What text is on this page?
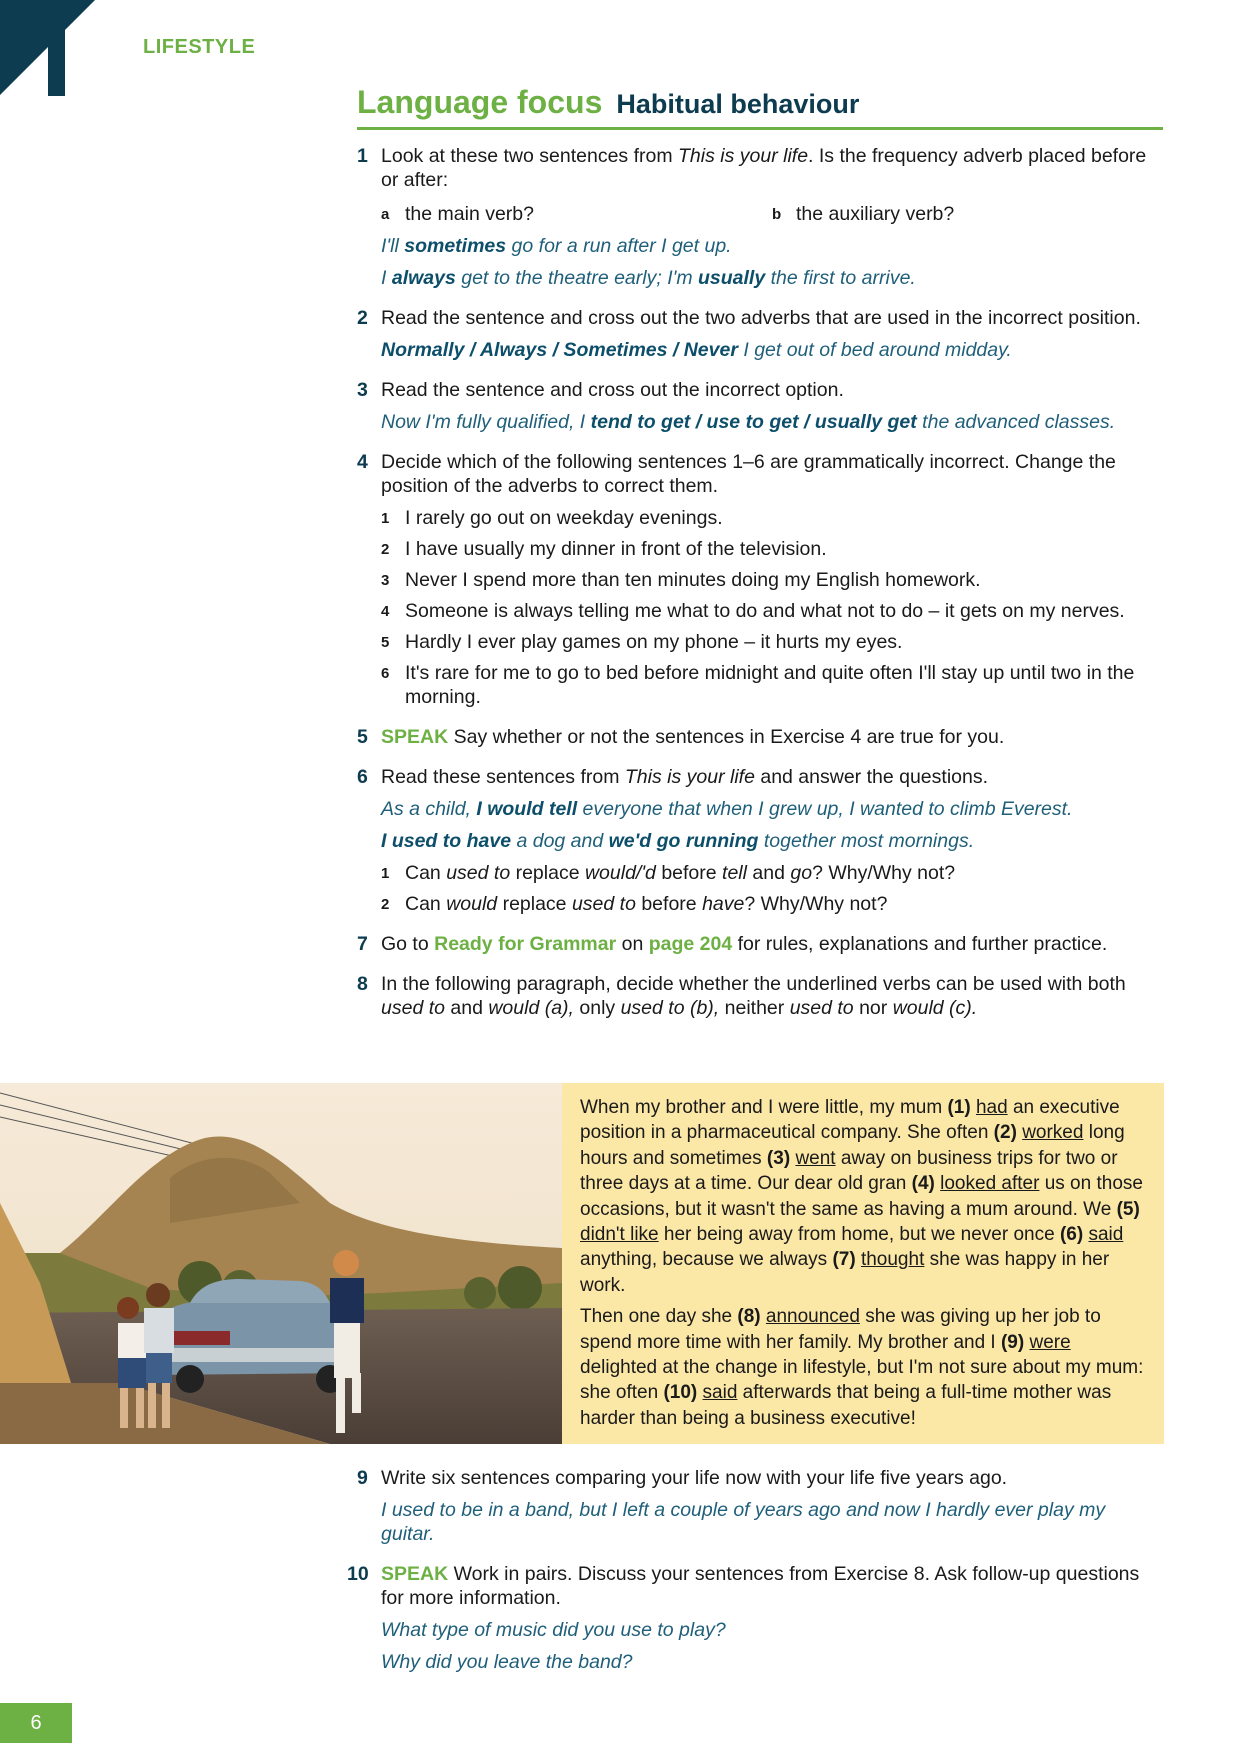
LIFESTYLE
Language focus Habitual behaviour
1 Look at these two sentences from This is your life. Is the frequency adverb placed before or after:
a the main verb?	b the auxiliary verb?
I'll sometimes go for a run after I get up.
I always get to the theatre early; I'm usually the first to arrive.
2 Read the sentence and cross out the two adverbs that are used in the incorrect position.
Normally / Always / Sometimes / Never I get out of bed around midday.
3 Read the sentence and cross out the incorrect option.
Now I'm fully qualified, I tend to get / use to get / usually get the advanced classes.
4 Decide which of the following sentences 1–6 are grammatically incorrect. Change the position of the adverbs to correct them.
1 I rarely go out on weekday evenings.
2 I have usually my dinner in front of the television.
3 Never I spend more than ten minutes doing my English homework.
4 Someone is always telling me what to do and what not to do – it gets on my nerves.
5 Hardly I ever play games on my phone – it hurts my eyes.
6 It's rare for me to go to bed before midnight and quite often I'll stay up until two in the morning.
5 SPEAK Say whether or not the sentences in Exercise 4 are true for you.
6 Read these sentences from This is your life and answer the questions.
As a child, I would tell everyone that when I grew up, I wanted to climb Everest.
I used to have a dog and we'd go running together most mornings.
1 Can used to replace would/'d before tell and go? Why/Why not?
2 Can would replace used to before have? Why/Why not?
7 Go to Ready for Grammar on page 204 for rules, explanations and further practice.
8 In the following paragraph, decide whether the underlined verbs can be used with both used to and would (a), only used to (b), neither used to nor would (c).

When my brother and I were little, my mum (1) had an executive position in a pharmaceutical company. She often (2) worked long hours and sometimes (3) went away on business trips for two or three days at a time. Our dear old gran (4) looked after us on those occasions, but it wasn't the same as having a mum around. We (5) didn't like her being away from home, but we never once (6) said anything, because we always (7) thought she was happy in her work.

Then one day she (8) announced she was giving up her job to spend more time with her family. My brother and I (9) were delighted at the change in lifestyle, but I'm not sure about my mum: she often (10) said afterwards that being a full-time mother was harder than being a business executive!

9 Write six sentences comparing your life now with your life five years ago.
I used to be in a band, but I left a couple of years ago and now I hardly ever play my guitar.
10 SPEAK Work in pairs. Discuss your sentences from Exercise 8. Ask follow-up questions for more information.
What type of music did you use to play?
Why did you leave the band?
6
